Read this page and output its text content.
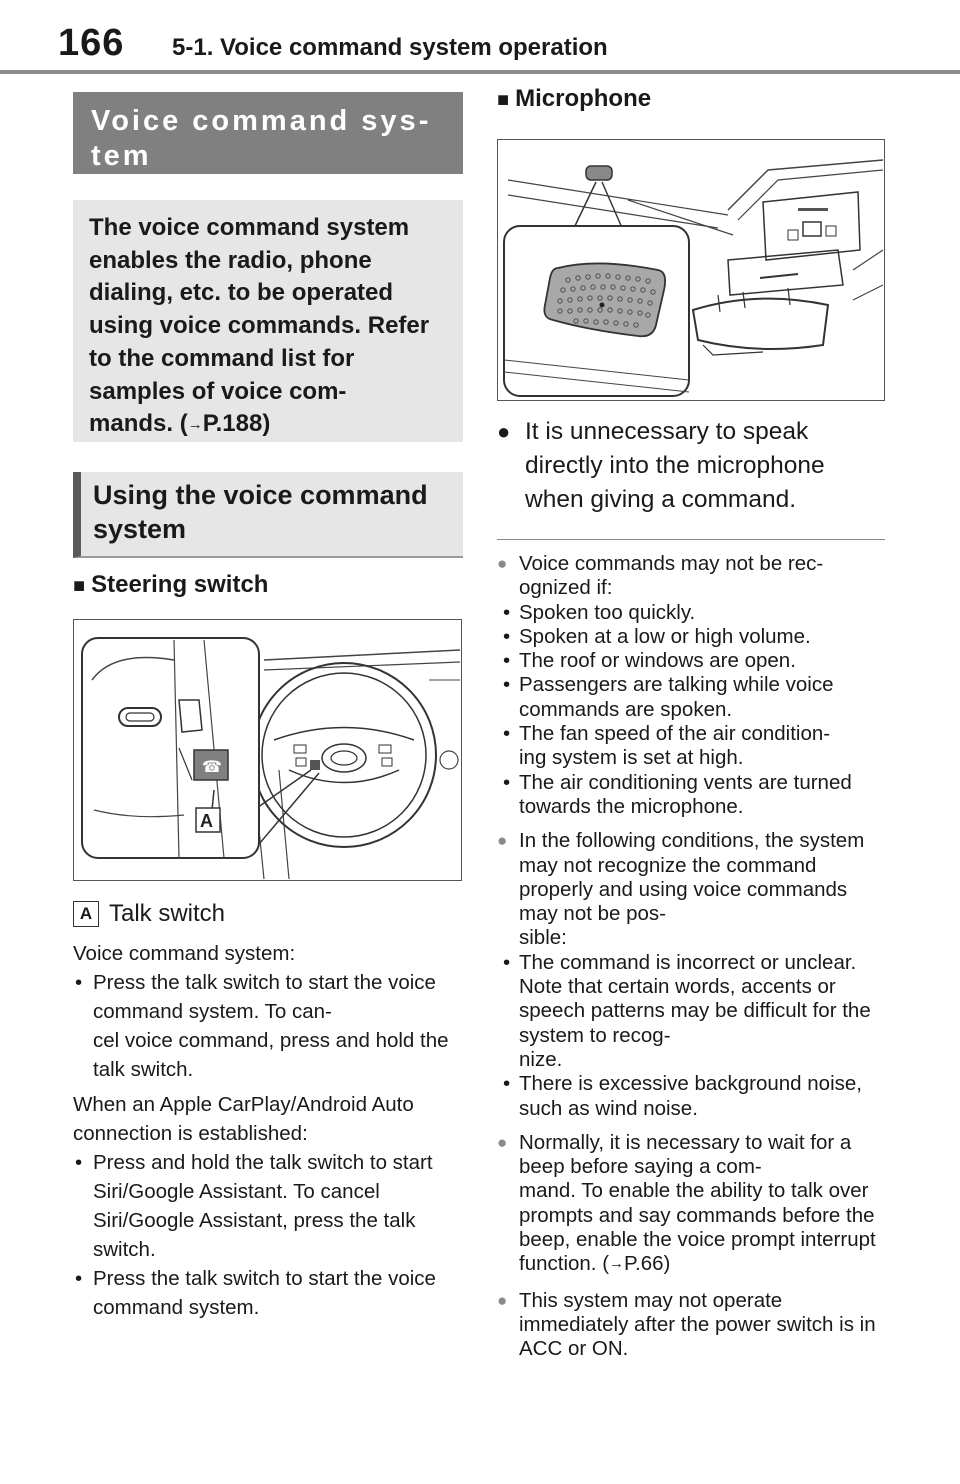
166 5-1. Voice command system operation
Voice command sys-
tem
The voice command system enables the radio, phone dialing, etc. to be operated using voice commands. Refer to the command list for samples of voice com-
mands. (→P.188)
Using the voice command system
■ Steering switch
☎
A
A Talk switch
Voice command system:
• Press the talk switch to start the voice command system. To can-
cel voice command, press and hold the talk switch.
When an Apple CarPlay/Android Auto connection is established:
• Press and hold the talk switch to start Siri/Google Assistant. To cancel Siri/Google Assistant, press the talk switch.
• Press the talk switch to start the voice command system.
■ Microphone
● It is unnecessary to speak directly into the microphone when giving a command.
● Voice commands may not be rec-
ognized if:
• Spoken too quickly.
• Spoken at a low or high volume.
• The roof or windows are open.
• Passengers are talking while voice commands are spoken.
• The fan speed of the air condition-
ing system is set at high.
• The air conditioning vents are turned towards the microphone.
● In the following conditions, the system may not recognize the command properly and using voice commands may not be pos-
sible:
• The command is incorrect or unclear. Note that certain words, accents or speech patterns may be difficult for the system to recog-
nize.
• There is excessive background noise, such as wind noise.
● Normally, it is necessary to wait for a beep before saying a com-
mand. To enable the ability to talk over prompts and say commands before the beep, enable the voice prompt interrupt function. (→P.66)
● This system may not operate immediately after the power switch is in ACC or ON.
